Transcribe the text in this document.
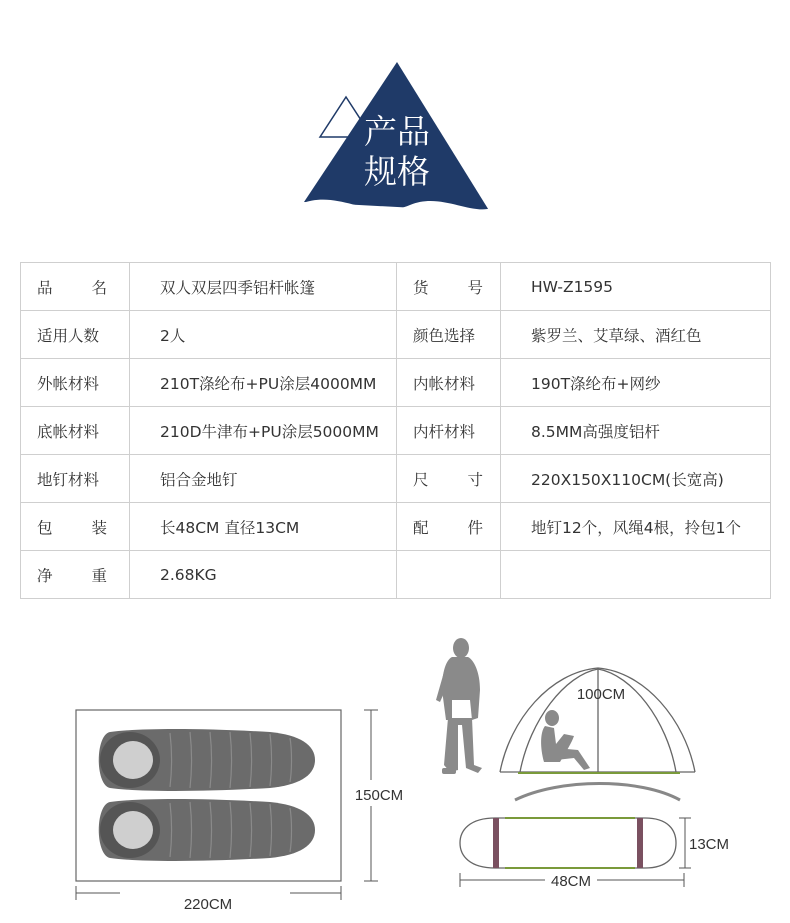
产品
规格
品 名	双人双层四季铝杆帐篷	货 号	HW-Z1595
适用人数	2人	颜色选择	紫罗兰、艾草绿、酒红色
外帐材料	210T涤纶布+PU涂层4000MM	内帐材料	190T涤纶布+网纱
底帐材料	210D牛津布+PU涂层5000MM	内杆材料	8.5MM高强度铝杆
地钉材料	铝合金地钉	尺 寸	220X150X110CM(长宽高)

包 装	长48CM 直径13CM	配 件	地钉12个，风绳4根，拎包1个

净 重	2.68KG		
220CM
150CM
100CM
48CM
13CM
